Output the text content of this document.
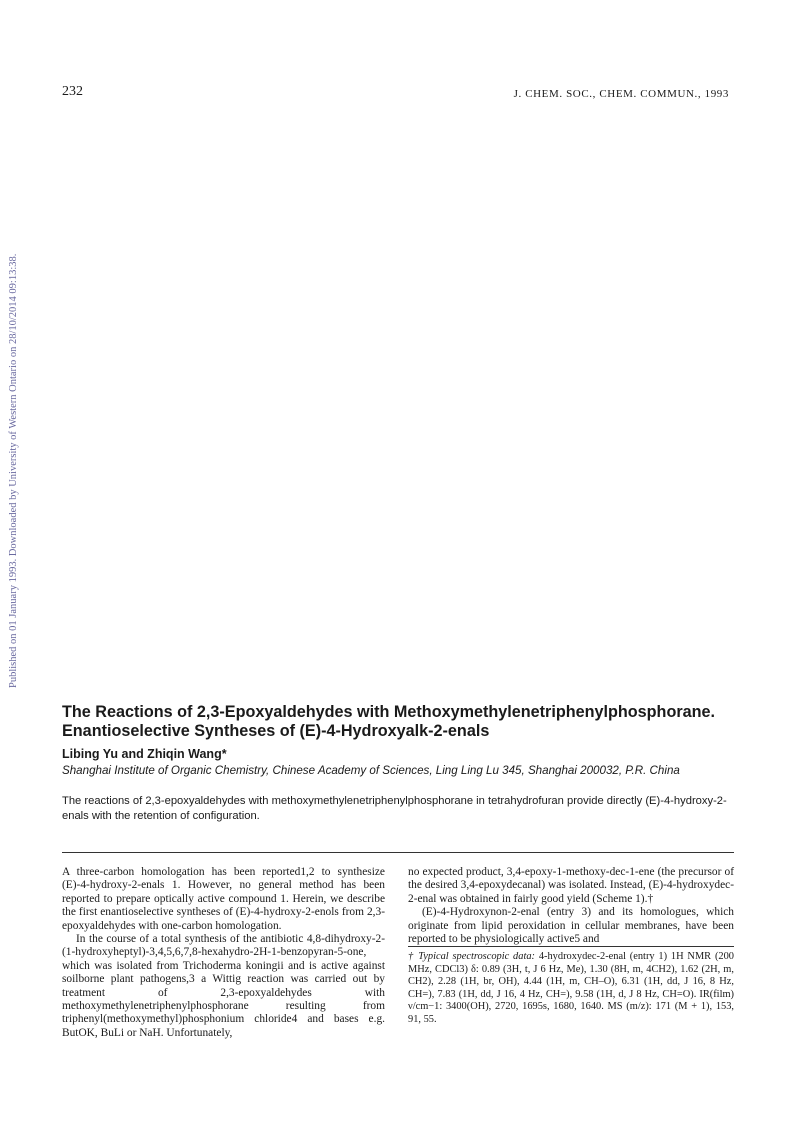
232	J. CHEM. SOC., CHEM. COMMUN., 1993
Published on 01 January 1993. Downloaded by University of Western Ontario on 28/10/2014 09:13:38.
The Reactions of 2,3-Epoxyaldehydes with Methoxymethylenetriphenylphosphorane.
Enantioselective Syntheses of (E)-4-Hydroxyalk-2-enals
Libing Yu and Zhiqin Wang*
Shanghai Institute of Organic Chemistry, Chinese Academy of Sciences, Ling Ling Lu 345, Shanghai 200032, P.R. China
The reactions of 2,3-epoxyaldehydes with methoxymethylenetriphenylphosphorane in tetrahydrofuran provide directly (E)-4-hydroxy-2-enals with the retention of configuration.

A three-carbon homologation has been reported1,2 to synthesize (E)-4-hydroxy-2-enals 1. However, no general method has been reported to prepare optically active compound 1. Herein, we describe the first enantioselective syntheses of (E)-4-hydroxy-2-enols from 2,3-epoxyaldehydes with one-carbon homologation.

In the course of a total synthesis of the antibiotic 4,8-dihydroxy-2-(1-hydroxyheptyl)-3,4,5,6,7,8-hexahydro-2H-1-benzopyran-5-one, which was isolated from Trichoderma koningii and is active against soilborne plant pathogens,3 a Wittig reaction was carried out by treatment of 2,3-epoxyaldehydes with methoxymethylenetriphenylphosphorane resulting from triphenyl(methoxymethyl)phosphonium chloride4 and bases e.g. ButOK, BuLi or NaH. Unfortunately,

no expected product, 3,4-epoxy-1-methoxy-dec-1-ene (the precursor of the desired 3,4-epoxydecanal) was isolated. Instead, (E)-4-hydroxydec-2-enal was obtained in fairly good yield (Scheme 1).†

(E)-4-Hydroxynon-2-enal (entry 3) and its homologues, which originate from lipid peroxidation in cellular membranes, have been reported to be physiologically active5 and

† Typical spectroscopic data: 4-hydroxydec-2-enal (entry 1) 1H NMR (200 MHz, CDCl3) δ: 0.89 (3H, t, J 6 Hz, Me), 1.30 (8H, m, 4CH2), 1.62 (2H, m, CH2), 2.28 (1H, br, OH), 4.44 (1H, m, CH–O), 6.31 (1H, dd, J 16, 8 Hz, CH=), 7.83 (1H, dd, J 16, 4 Hz, CH=), 9.58 (1H, d, J 8 Hz, CH=O). IR(film) ν/cm−1: 3400(OH), 2720, 1695s, 1680, 1640. MS (m/z): 171 (M + 1), 153, 91, 55.
